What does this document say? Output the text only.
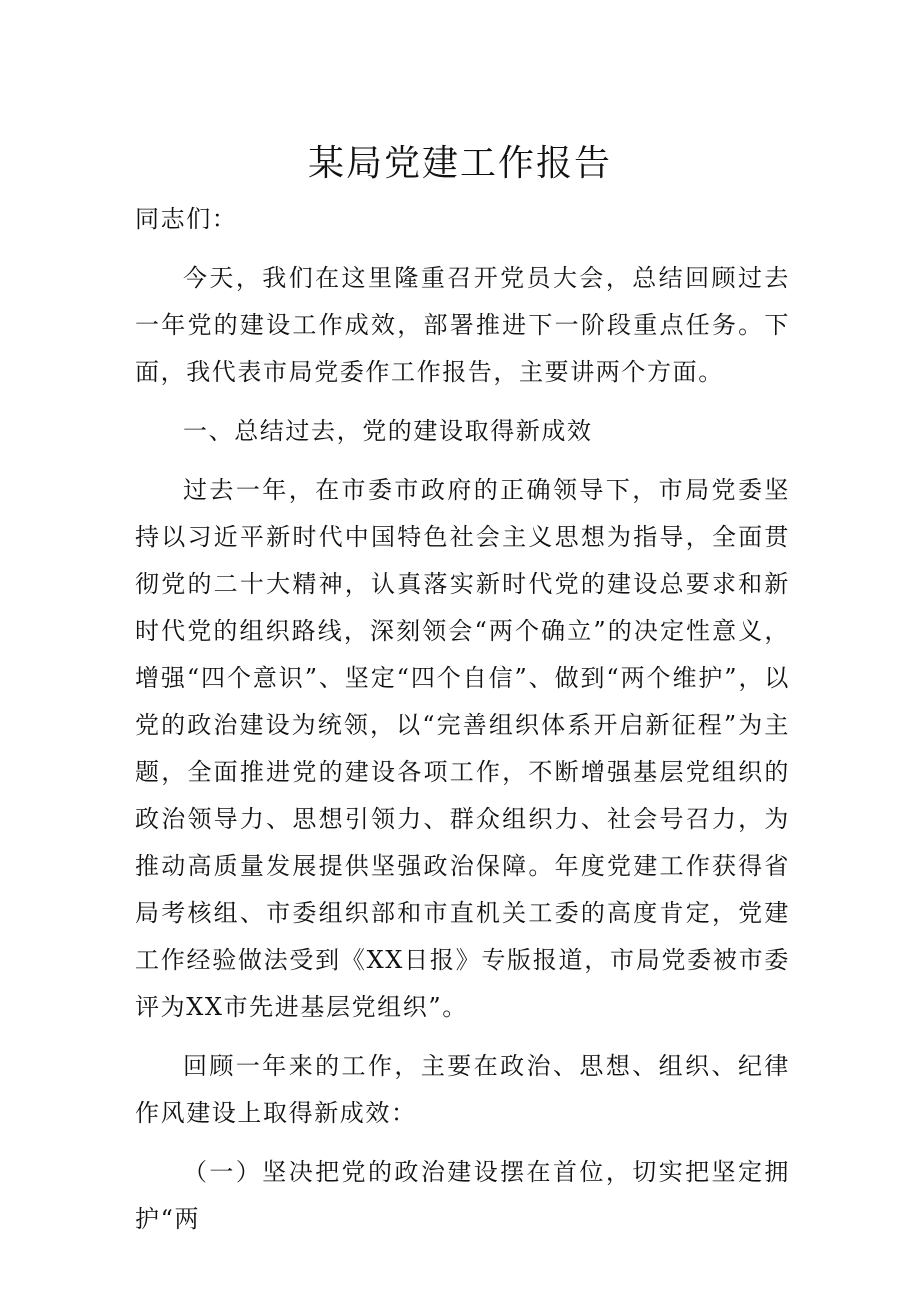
某局党建工作报告

同志们：

今天，我们在这里隆重召开党员大会，总结回顾过去一年党的建设工作成效，部署推进下一阶段重点任务。下面，我代表市局党委作工作报告，主要讲两个方面。

一、总结过去，党的建设取得新成效

过去一年，在市委市政府的正确领导下，市局党委坚持以习近平新时代中国特色社会主义思想为指导，全面贯彻党的二十大精神，认真落实新时代党的建设总要求和新时代党的组织路线，深刻领会“两个确立”的决定性意义，增强“四个意识”、坚定“四个自信”、做到“两个维护”，以党的政治建设为统领，以“完善组织体系开启新征程”为主题，全面推进党的建设各项工作，不断增强基层党组织的政治领导力、思想引领力、群众组织力、社会号召力，为推动高质量发展提供坚强政治保障。年度党建工作获得省局考核组、市委组织部和市直机关工委的高度肯定，党建工作经验做法受到《XX日报》专版报道，市局党委被市委评为XX市先进基层党组织”。

回顾一年来的工作，主要在政治、思想、组织、纪律作风建设上取得新成效：

（一）坚决把党的政治建设摆在首位，切实把坚定拥护“两
